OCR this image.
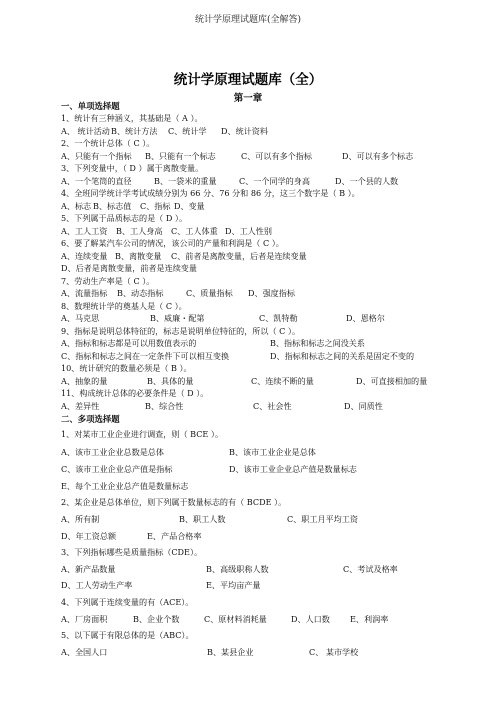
统计学原理试题库(全解答)
统计学原理试题库（全）
第一章
一、单项选择题
1、统计有三种涵义，其基础是（ A ）。
A、 统计活动 B、统计方法 C、统计学 D、统计资料
2、一个统计总体（ C ）。
A、只能有一个指标 B、只能有一个标志	C、可以有多个指标	D、可以有多个标志
3、下列变量中，（ D ）属于离散变量。
A、一个笔筒的直径	B、一袋米的重量	C、一个同学的身高	D、一个县的人数
4、全班同学统计学考试成绩分别为 66 分、76 分和 86 分，这三个数字是（ B ）。
A、标志 B、标志值 C、指标 D、变量
5、下列属于品质标志的是（ D ）。
A、工人工资 B、工人身高 C、工人体重 D、工人性别
6、要了解某汽车公司的情况，该公司的产量和利润是（ C ）。
A、连续变量 B、离散变量 C、前者是离散变量，后者是连续变量
D、后者是离散变量，前者是连续变量
7、劳动生产率是（ C ）。
A、流量指标 B、动态指标	C、质量指标 D、强度指标
8、数理统计学的奠基人是（ C ）。
A、马克思	B、威廉・配第	C、凯特勒	D、恩格尔
9、指标是说明总体特征的，标志是说明单位特征的，所以（ C ）。
A、指标和标志都是可以用数值表示的	B、指标和标志之间没关系
C、指标和标志之间在一定条件下可以相互变换	D、指标和标志之间的关系是固定不变的
10、统计研究的数量必须是（ B ）。
A、抽象的量	B、具体的量	C、连续不断的量	D、可直接相加的量
11、构成统计总体的必要条件是（ D ）。
A、差异性	B、综合性	C、社会性	D、同质性
二、多项选择题
1、对某市工业企业进行调查，则（ BCE ）。
A、该市工业企业总数是总体	B、该市工业企业是总体
C、该市工业企业总产值是指标	D、该市工业企业总产值是数量标志
E、每个工业企业总产值是数量标志
2、某企业是总体单位，则下列属于数量标志的有（ BCDE ）。
A、所有制	B、职工人数	C、职工月平均工资
D、年工资总额	E、产品合格率
3、下列指标哪些是质量指标（CDE）。
A、新产品数量	B、高级职称人数	C、考试及格率
D、工人劳动生产率	E、平均亩产量
4、下列属于连续变量的有（ACE）。
A、厂房面积	B、企业个数	C、原材料消耗量	D、人口数 E、利润率
5、以下属于有限总体的是（ABC）。
A、全国人口	B、某县企业	C、 某市学校
